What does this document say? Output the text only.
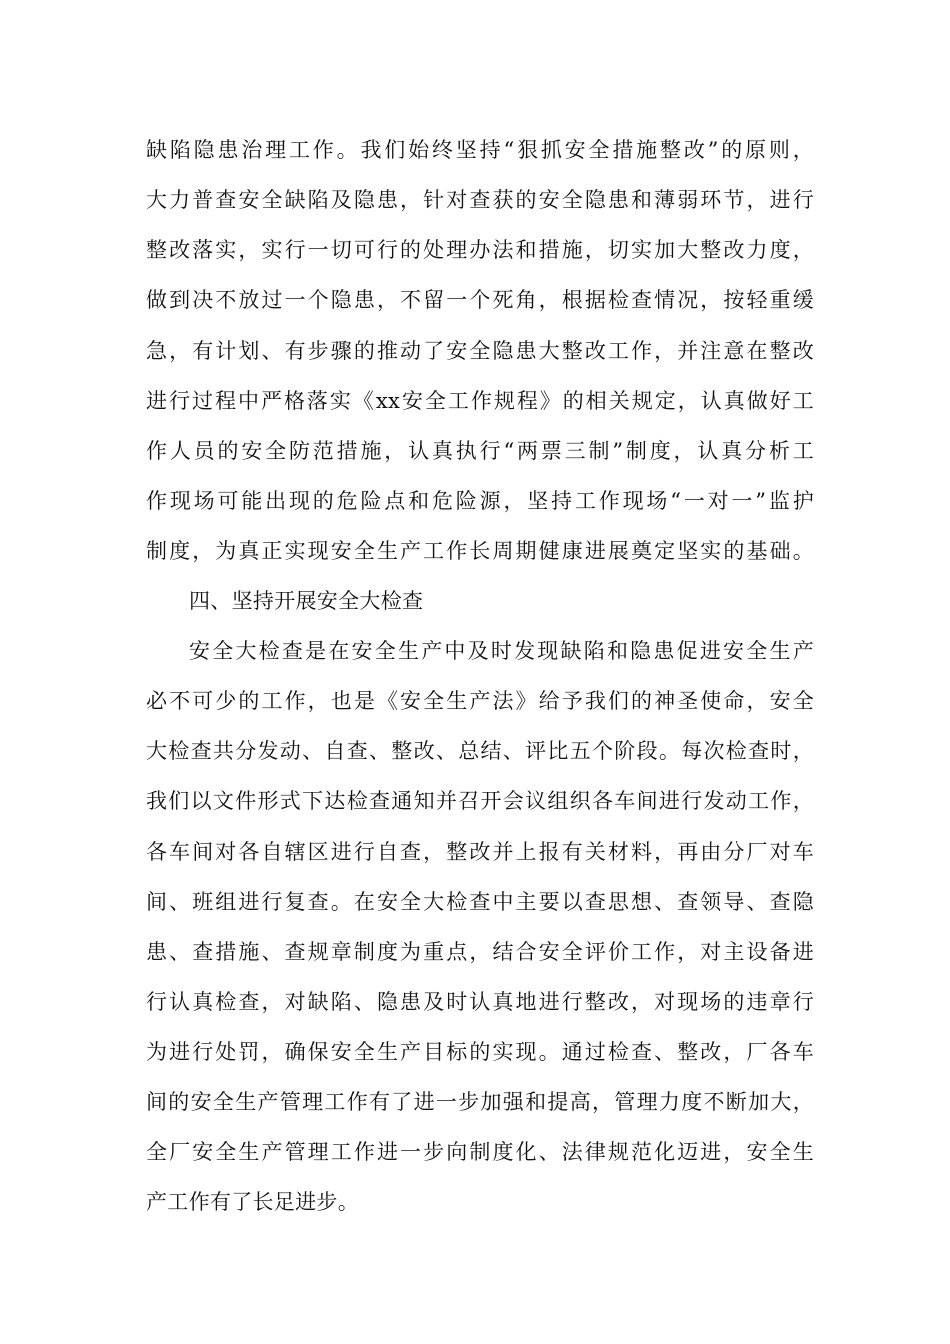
缺陷隐患治理工作。我们始终坚持“狠抓安全措施整改”的原则，
大力普查安全缺陷及隐患，针对查获的安全隐患和薄弱环节，进行
整改落实，实行一切可行的处理办法和措施，切实加大整改力度，
做到决不放过一个隐患，不留一个死角，根据检查情况，按轻重缓
急，有计划、有步骤的推动了安全隐患大整改工作，并注意在整改
进行过程中严格落实《xx安全工作规程》的相关规定，认真做好工
作人员的安全防范措施，认真执行“两票三制”制度，认真分析工
作现场可能出现的危险点和危险源，坚持工作现场“一对一”监护
制度，为真正实现安全生产工作长周期健康进展奠定坚实的基础。
四、坚持开展安全大检查
安全大检查是在安全生产中及时发现缺陷和隐患促进安全生产
必不可少的工作，也是《安全生产法》给予我们的神圣使命，安全
大检查共分发动、自查、整改、总结、评比五个阶段。每次检查时，
我们以文件形式下达检查通知并召开会议组织各车间进行发动工作，
各车间对各自辖区进行自查，整改并上报有关材料，再由分厂对车
间、班组进行复查。在安全大检查中主要以查思想、查领导、查隐
患、查措施、查规章制度为重点，结合安全评价工作，对主设备进
行认真检查，对缺陷、隐患及时认真地进行整改，对现场的违章行
为进行处罚，确保安全生产目标的实现。通过检查、整改，厂各车
间的安全生产管理工作有了进一步加强和提高，管理力度不断加大，
全厂安全生产管理工作进一步向制度化、法律规范化迈进，安全生
产工作有了长足进步。
